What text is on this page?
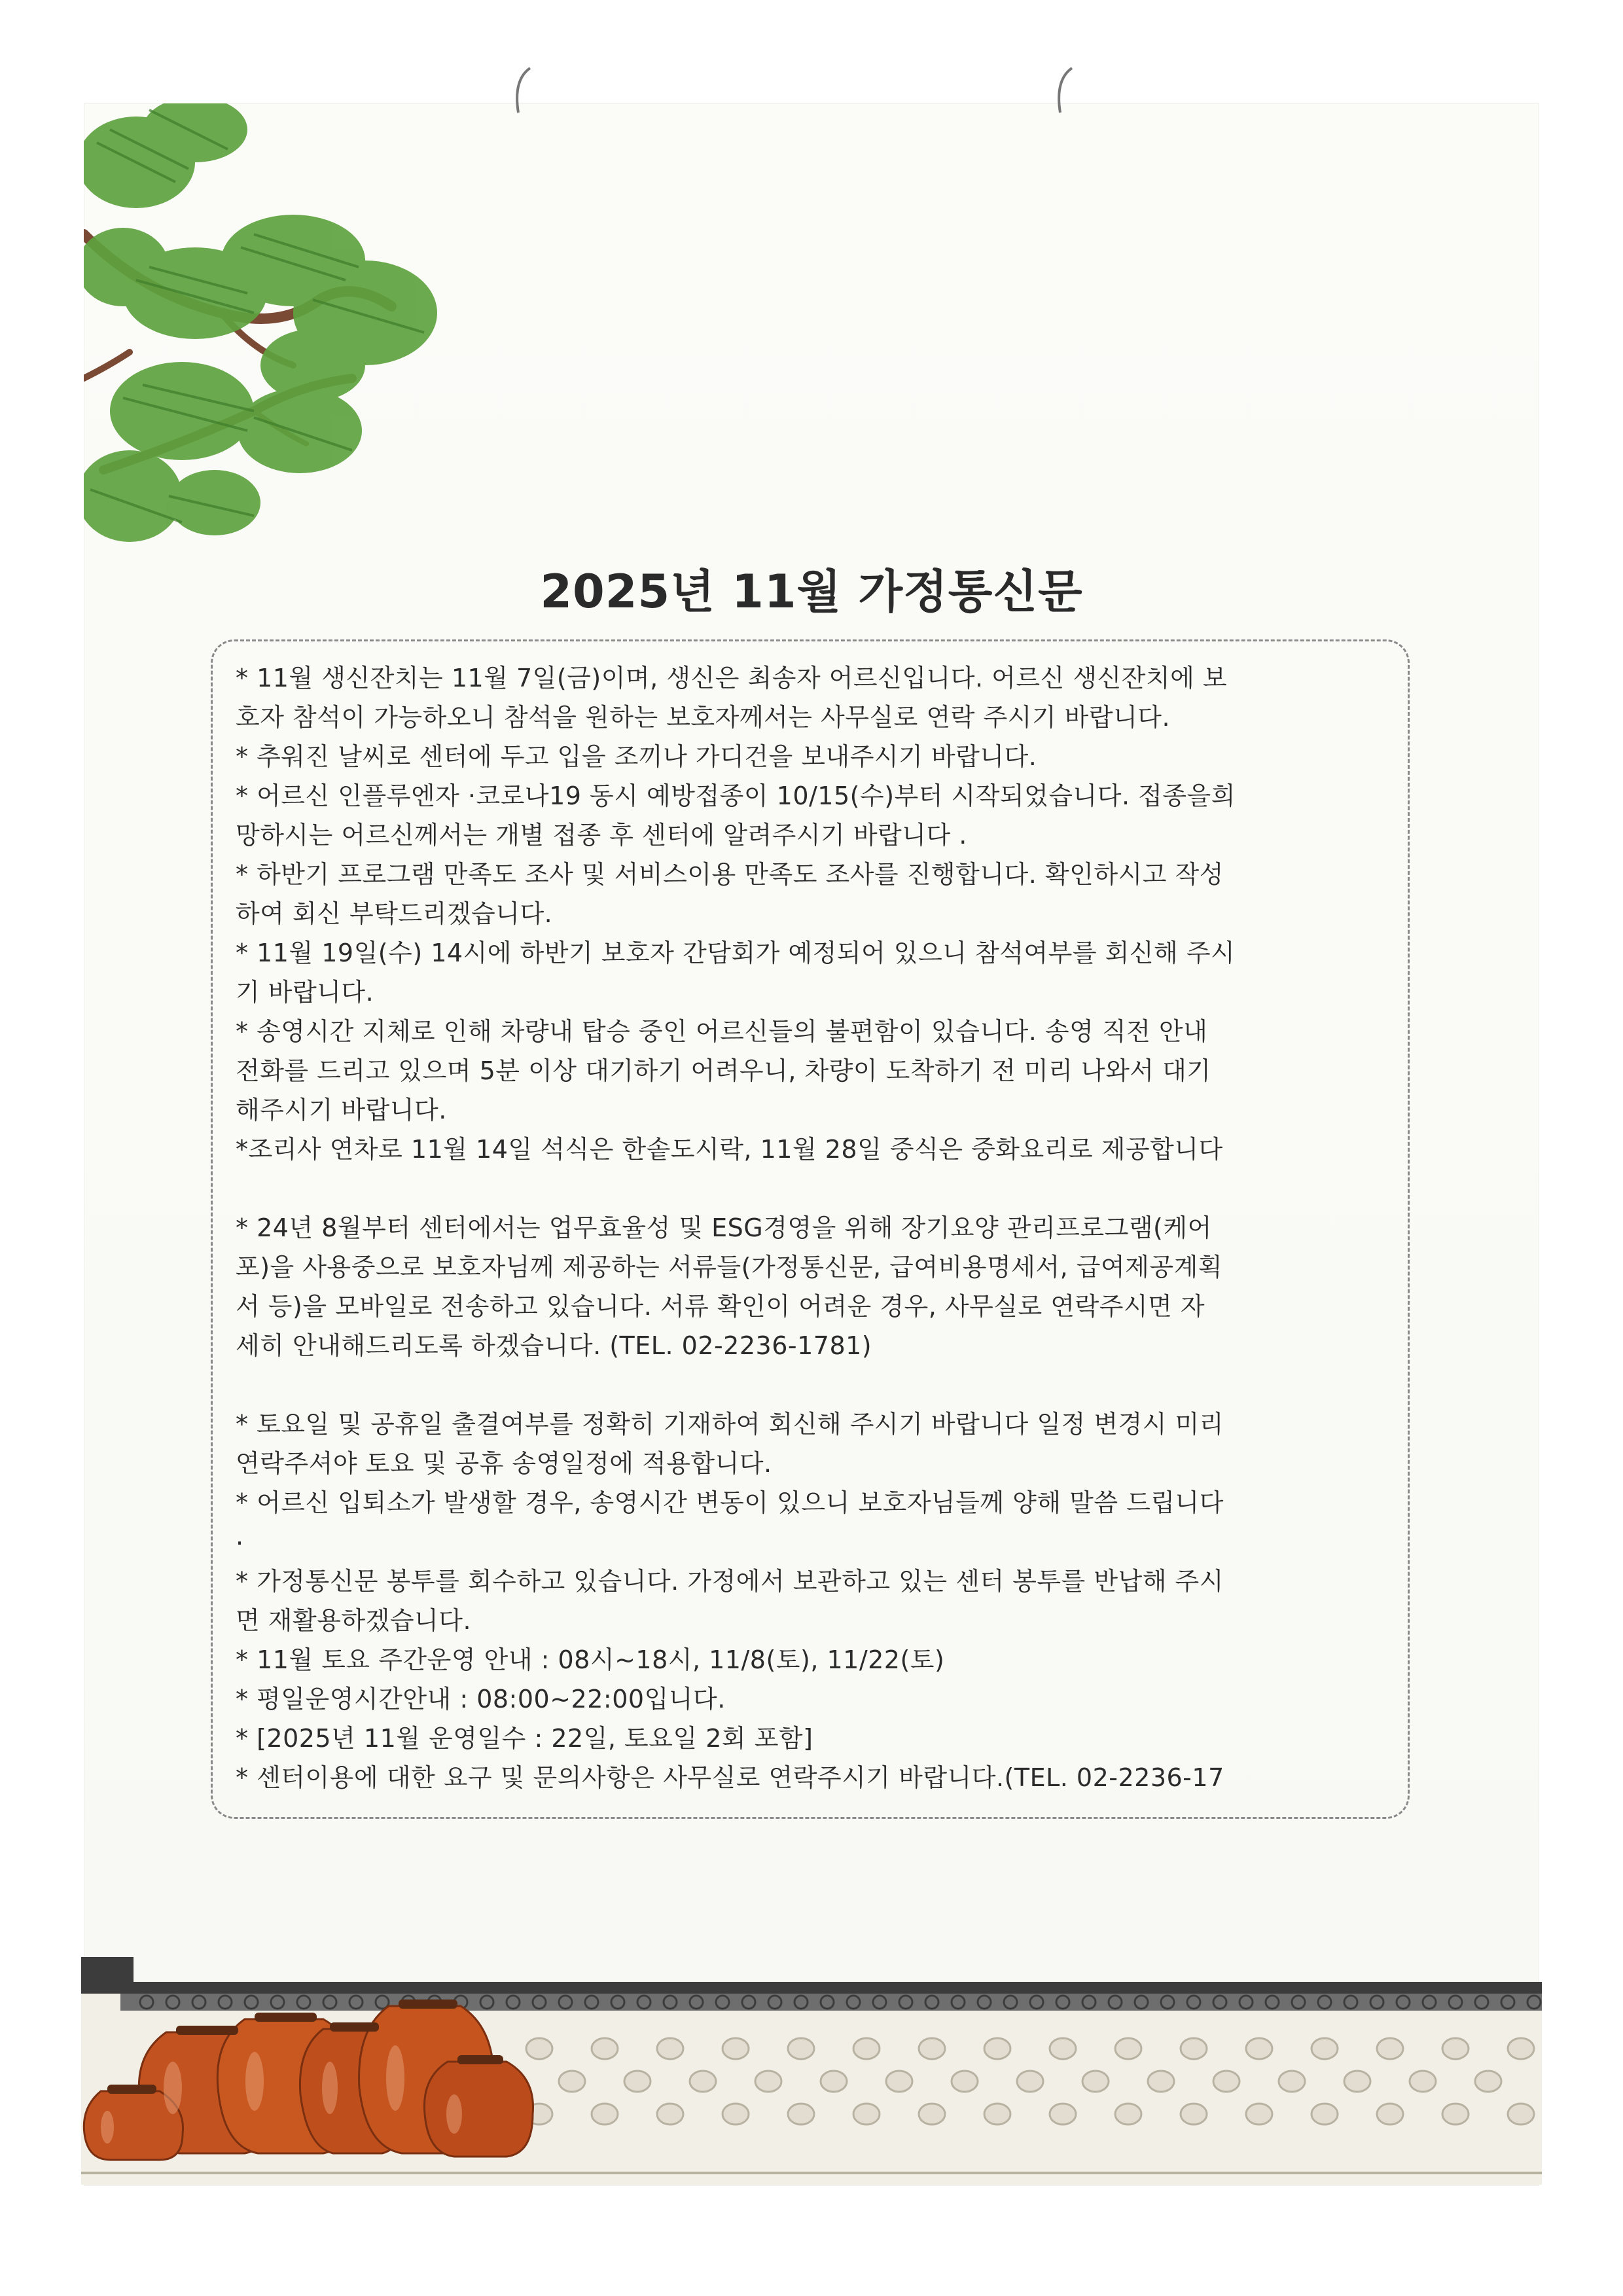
2025년 11월 가정통신문
* 11월 생신잔치는 11월 7일(금)이며, 생신은 최송자 어르신입니다. 어르신 생신잔치에 보
호자 참석이 가능하오니 참석을 원하는 보호자께서는 사무실로 연락 주시기 바랍니다.
* 추워진 날씨로 센터에 두고 입을 조끼나 가디건을 보내주시기 바랍니다.
* 어르신 인플루엔자 ·코로나19 동시 예방접종이 10/15(수)부터 시작되었습니다. 접종을희
망하시는 어르신께서는 개별 접종 후 센터에 알려주시기 바랍니다 .
* 하반기 프로그램 만족도 조사 및 서비스이용 만족도 조사를 진행합니다. 확인하시고 작성
하여 회신 부탁드리겠습니다.
* 11월 19일(수) 14시에 하반기 보호자 간담회가 예정되어 있으니 참석여부를 회신해 주시
기 바랍니다.
* 송영시간 지체로 인해 차량내 탑승 중인 어르신들의 불편함이 있습니다. 송영 직전 안내
전화를 드리고 있으며 5분 이상 대기하기 어려우니, 차량이 도착하기 전 미리 나와서 대기
해주시기 바랍니다.
*조리사 연차로 11월 14일 석식은 한솥도시락, 11월 28일 중식은 중화요리로 제공합니다
* 24년 8월부터 센터에서는 업무효율성 및 ESG경영을 위해 장기요양 관리프로그램(케어
포)을 사용중으로 보호자님께 제공하는 서류들(가정통신문, 급여비용명세서, 급여제공계획
서 등)을 모바일로 전송하고 있습니다. 서류 확인이 어려운 경우, 사무실로 연락주시면 자
세히 안내해드리도록 하겠습니다. (TEL. 02-2236-1781)
* 토요일 및 공휴일 출결여부를 정확히 기재하여 회신해 주시기 바랍니다 일정 변경시 미리
연락주셔야 토요 및 공휴 송영일정에 적용합니다.
* 어르신 입퇴소가 발생할 경우, 송영시간 변동이 있으니 보호자님들께 양해 말씀 드립니다
.
* 가정통신문 봉투를 회수하고 있습니다. 가정에서 보관하고 있는 센터 봉투를 반납해 주시
면 재활용하겠습니다.
* 11월 토요 주간운영 안내 : 08시~18시, 11/8(토), 11/22(토)
* 평일운영시간안내 : 08:00~22:00입니다.
* [2025년 11월 운영일수 : 22일, 토요일 2회 포함]
* 센터이용에 대한 요구 및 문의사항은 사무실로 연락주시기 바랍니다.(TEL. 02-2236-17
